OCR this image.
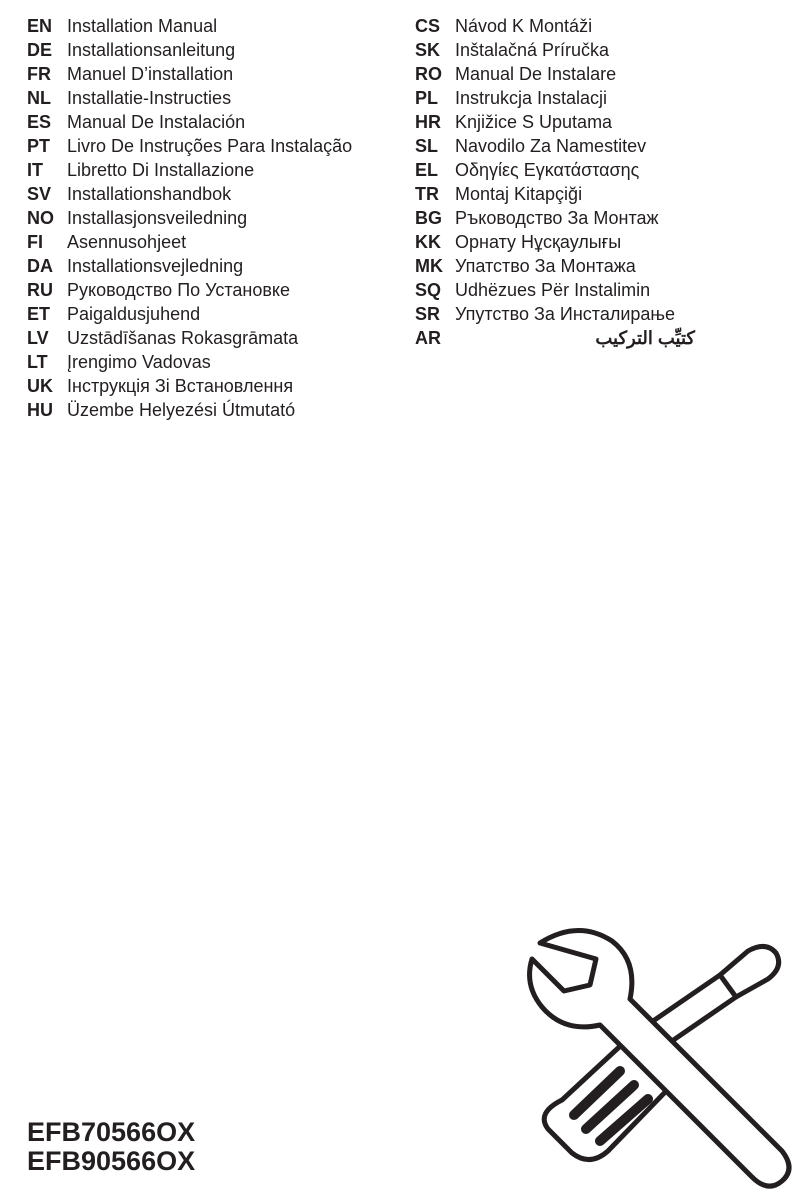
EN Installation Manual
DE Installationsanleitung
FR Manuel D’installation
NL Installatie-Instructies
ES Manual De Instalación
PT Livro De Instruções Para Instalação
IT Libretto Di Installazione
SV Installationshandbok
NO Installasjonsveiledning
FI Asennusohjeet
DA Installationsvejledning
RU Руководство По Установке
ET Paigaldusjuhend
LV Uzstādīšanas Rokasgrāmata
LT Įrengimo Vadovas
UK Інструкція Зі Встановлення
HU Üzembe Helyezési Útmutató
CS Návod K Montáži
SK Inštalačná Príručka
RO Manual De Instalare
PL Instrukcja Instalacji
HR Knjižice S Uputama
SL Navodilo Za Namestitev
EL Οδηγίες Εγκατάστασης
TR Montaj Kitapçiği
BG Ръководство За Монтаж
KK Орнату Нұсқаулығы
MK Упатство За Монтажа
SQ Udhëzues Për Instalimin
SR Упутство За Инсталирање
AR	كتيِّب التركيب
EFB70566OX
EFB90566OX
